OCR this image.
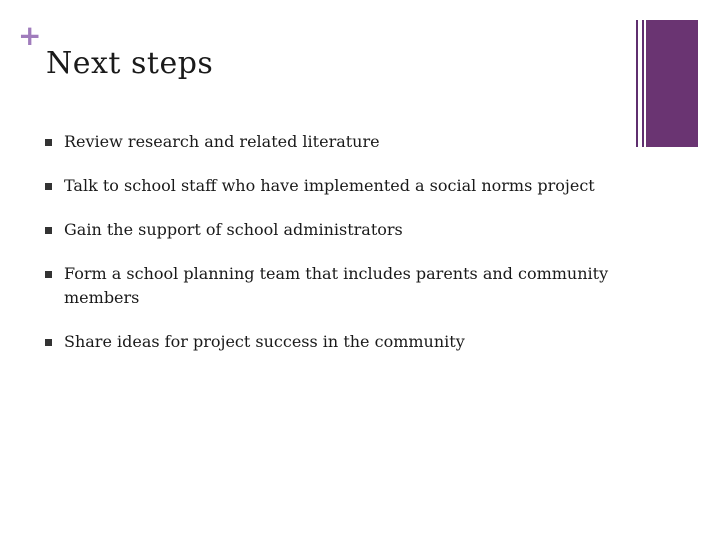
+
Next steps
Review research and related literature
Talk to school staff who have implemented a social norms project
Gain the support of school administrators
Form a school planning team that includes parents and community members
Share ideas for project success in the community
